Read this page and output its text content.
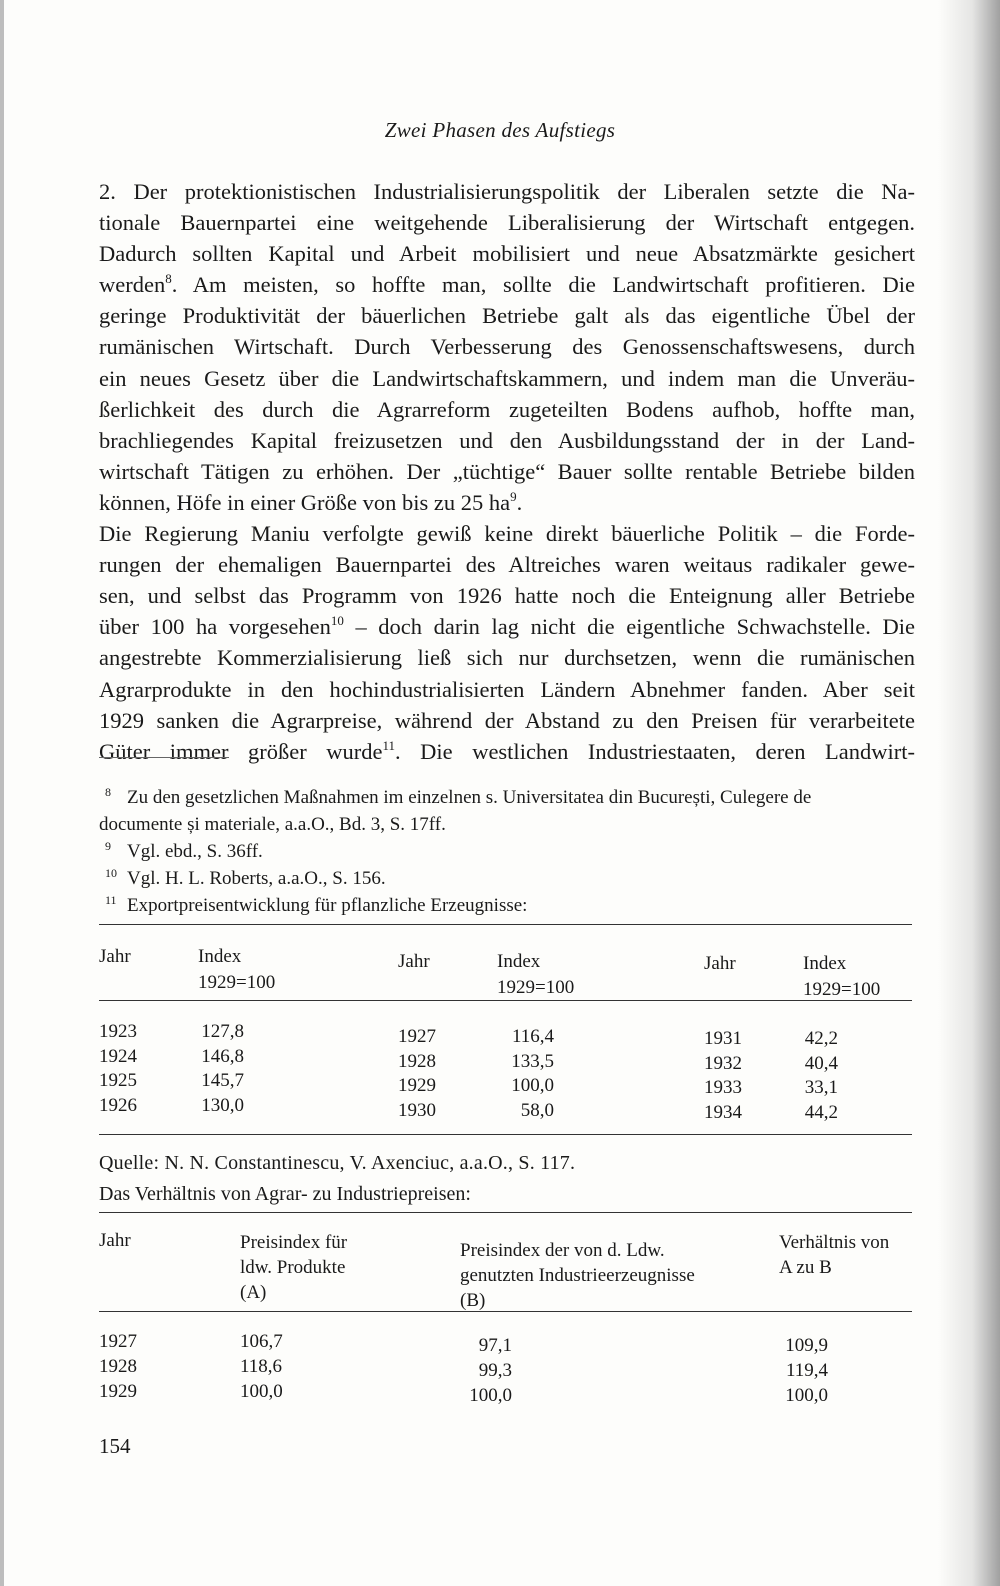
Zwei Phasen des Aufstiegs
2. Der protektionistischen Industrialisierungspolitik der Liberalen setzte die Na-
tionale Bauernpartei eine weitgehende Liberalisierung der Wirtschaft entgegen.
Dadurch sollten Kapital und Arbeit mobilisiert und neue Absatzmärkte gesichert
werden$^8$. Am meisten, so hoffte man, sollte die Landwirtschaft profitieren. Die
geringe Produktivität der bäuerlichen Betriebe galt als das eigentliche Übel der
rumänischen Wirtschaft. Durch Verbesserung des Genossenschaftswesens, durch
ein neues Gesetz über die Landwirtschaftskammern, und indem man die Unveräu-
ßerlichkeit des durch die Agrarreform zugeteilten Bodens aufhob, hoffte man,
brachliegendes Kapital freizusetzen und den Ausbildungsstand der in der Land-
wirtschaft Tätigen zu erhöhen. Der „tüchtige“ Bauer sollte rentable Betriebe bilden
können, Höfe in einer Größe von bis zu 25 $ha^9$.
Die Regierung Maniu verfolgte gewiß keine direkt bäuerliche Politik – die Forde-
rungen der ehemaligen Bauernpartei des Altreiches waren weitaus radikaler gewe-
sen, und selbst das Programm von 1926 hatte noch die Enteignung aller Betriebe
über 100 ha vorgesehen$^{10}$ – doch darin lag nicht die eigentliche Schwachstelle. Die
angestrebte Kommerzialisierung ließ sich nur durchsetzen, wenn die rumänischen
Agrarprodukte in den hochindustrialisierten Ländern Abnehmer fanden. Aber seit
1929 sanken die Agrarpreise, während der Abstand zu den Preisen für verarbeitete
Güter immer größer wurde$^{11}$. Die westlichen Industriestaaten, deren Landwirt-
8 Zu den gesetzlichen Maßnahmen im einzelnen s. Universitatea din București, Culegere de
documente și materiale, a.a.O., Bd. 3, S. 17ff.
9 Vgl. ebd., S. 36ff.
10 Vgl. H. L. Roberts, a.a.O., S. 156.
11 Exportpreisentwicklung für pflanzliche Erzeugnisse:
Jahr	Index
1929=100
Jahr	Index
1929=100
Jahr	Index
1929=100
1923	127,8
1924	146,8
1925	145,7
1926	130,0
1927	116,4
1928	133,5
1929	100,0
1930	58,0
1931	42,2
1932	40,4
1933	33,1
1934	44,2
Quelle: N. N. Constantinescu, V. Axenciuc, a.a.O., S. 117.
Das Verhältnis von Agrar- zu Industriepreisen:
Jahr	Preisindex für
ldw. Produkte
(A)
Preisindex der von d. Ldw.
genutzten Industrieerzeugnisse
(B)
Verhältnis von
A zu B
1927	106,7	97,1	109,9
1928	118,6	99,3	119,4
1929	100,0	100,0	100,0
154
